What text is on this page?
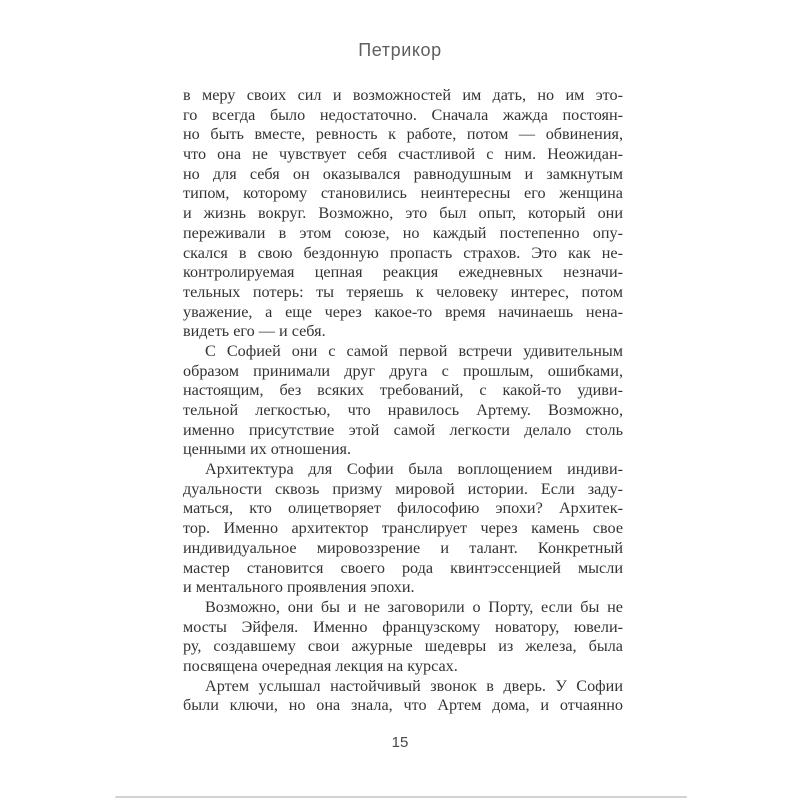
Петрикор
в меру своих сил и возможностей им дать, но им это-
го всегда было недостаточно. Сначала жажда постоян-
но быть вместе, ревность к работе, потом — обвинения,
что она не чувствует себя счастливой с ним. Неожидан-
но для себя он оказывался равнодушным и замкнутым
типом, которому становились неинтересны его женщина
и жизнь вокруг. Возможно, это был опыт, который они
переживали в этом союзе, но каждый постепенно опу-
скался в свою бездонную пропасть страхов. Это как не-
контролируемая цепная реакция ежедневных незначи-
тельных потерь: ты теряешь к человеку интерес, потом
уважение, а еще через какое-то время начинаешь нена-
видеть его — и себя.
С Софией они с самой первой встречи удивительным
образом принимали друг друга с прошлым, ошибками,
настоящим, без всяких требований, с какой-то удиви-
тельной легкостью, что нравилось Артему. Возможно,
именно присутствие этой самой легкости делало столь
ценными их отношения.
Архитектура для Софии была воплощением индиви-
дуальности сквозь призму мировой истории. Если заду-
маться, кто олицетворяет философию эпохи? Архитек-
тор. Именно архитектор транслирует через камень свое
индивидуальное мировоззрение и талант. Конкретный
мастер становится своего рода квинтэссенцией мысли
и ментального проявления эпохи.
Возможно, они бы и не заговорили о Порту, если бы не
мосты Эйфеля. Именно французскому новатору, ювели-
ру, создавшему свои ажурные шедевры из железа, была
посвящена очередная лекция на курсах.
Артем услышал настойчивый звонок в дверь. У Софии
были ключи, но она знала, что Артем дома, и отчаянно
15
